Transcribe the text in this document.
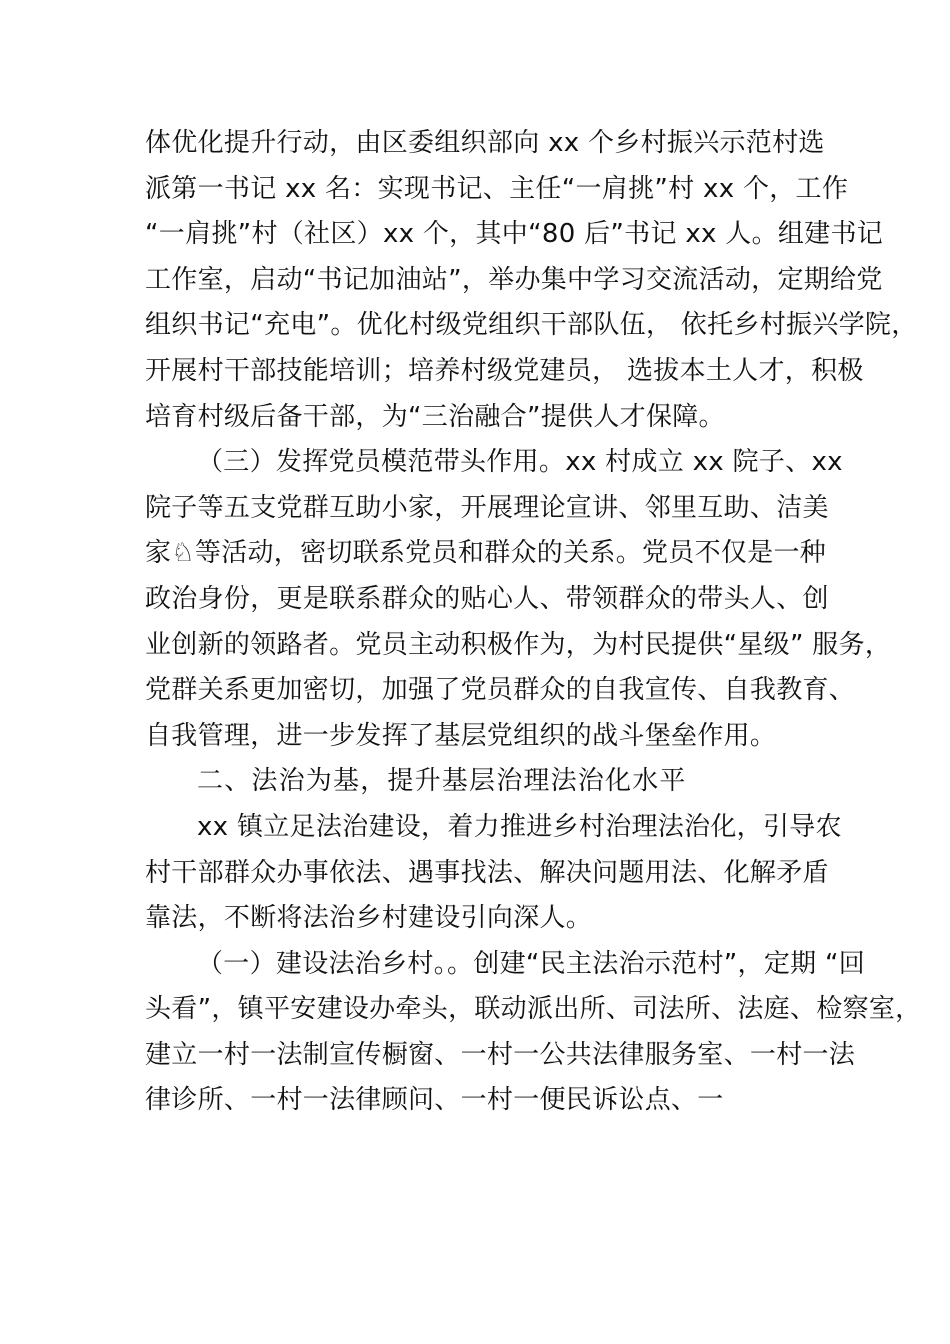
体优化提升行动，由区委组织部向 xx 个乡村振兴示范村选
派第一书记 xx 名：实现书记、主任“一肩挑”村 xx 个，工作
“一肩挑”村（社区）xx 个，其中“80 后”书记 xx 人。组建书记
工作室，启动“书记加油站”，举办集中学习交流活动，定期给党
组织书记“充电”。优化村级党组织干部队伍， 依托乡村振兴学院，
开展村干部技能培训；培养村级党建员， 选拔本土人才，积极
培育村级后备干部，为“三治融合”提供人才保障。
（三）发挥党员模范带头作用。xx 村成立 xx 院子、xx
院子等五支党群互助小家，开展理论宣讲、邻里互助、洁美
家♘等活动，密切联系党员和群众的关系。党员不仅是一种
政治身份，更是联系群众的贴心人、带领群众的带头人、创
业创新的领路者。党员主动积极作为，为村民提供“星级” 服务，
党群关系更加密切，加强了党员群众的自我宣传、自我教育、
自我管理，进一步发挥了基层党组织的战斗堡垒作用。
二、法治为基，提升基层治理法治化水平
xx 镇立足法治建设，着力推进乡村治理法治化，引导农
村干部群众办事依法、遇事找法、解决问题用法、化解矛盾
靠法，不断将法治乡村建设引向深人。
（一）建设法治乡村。。创建“民主法治示范村”，定期 “回
头看”，镇平安建设办牵头，联动派出所、司法所、法庭、检察室，
建立一村一法制宣传橱窗、一村一公共法律服务室、一村一法
律诊所、一村一法律顾问、一村一便民诉讼点、一
